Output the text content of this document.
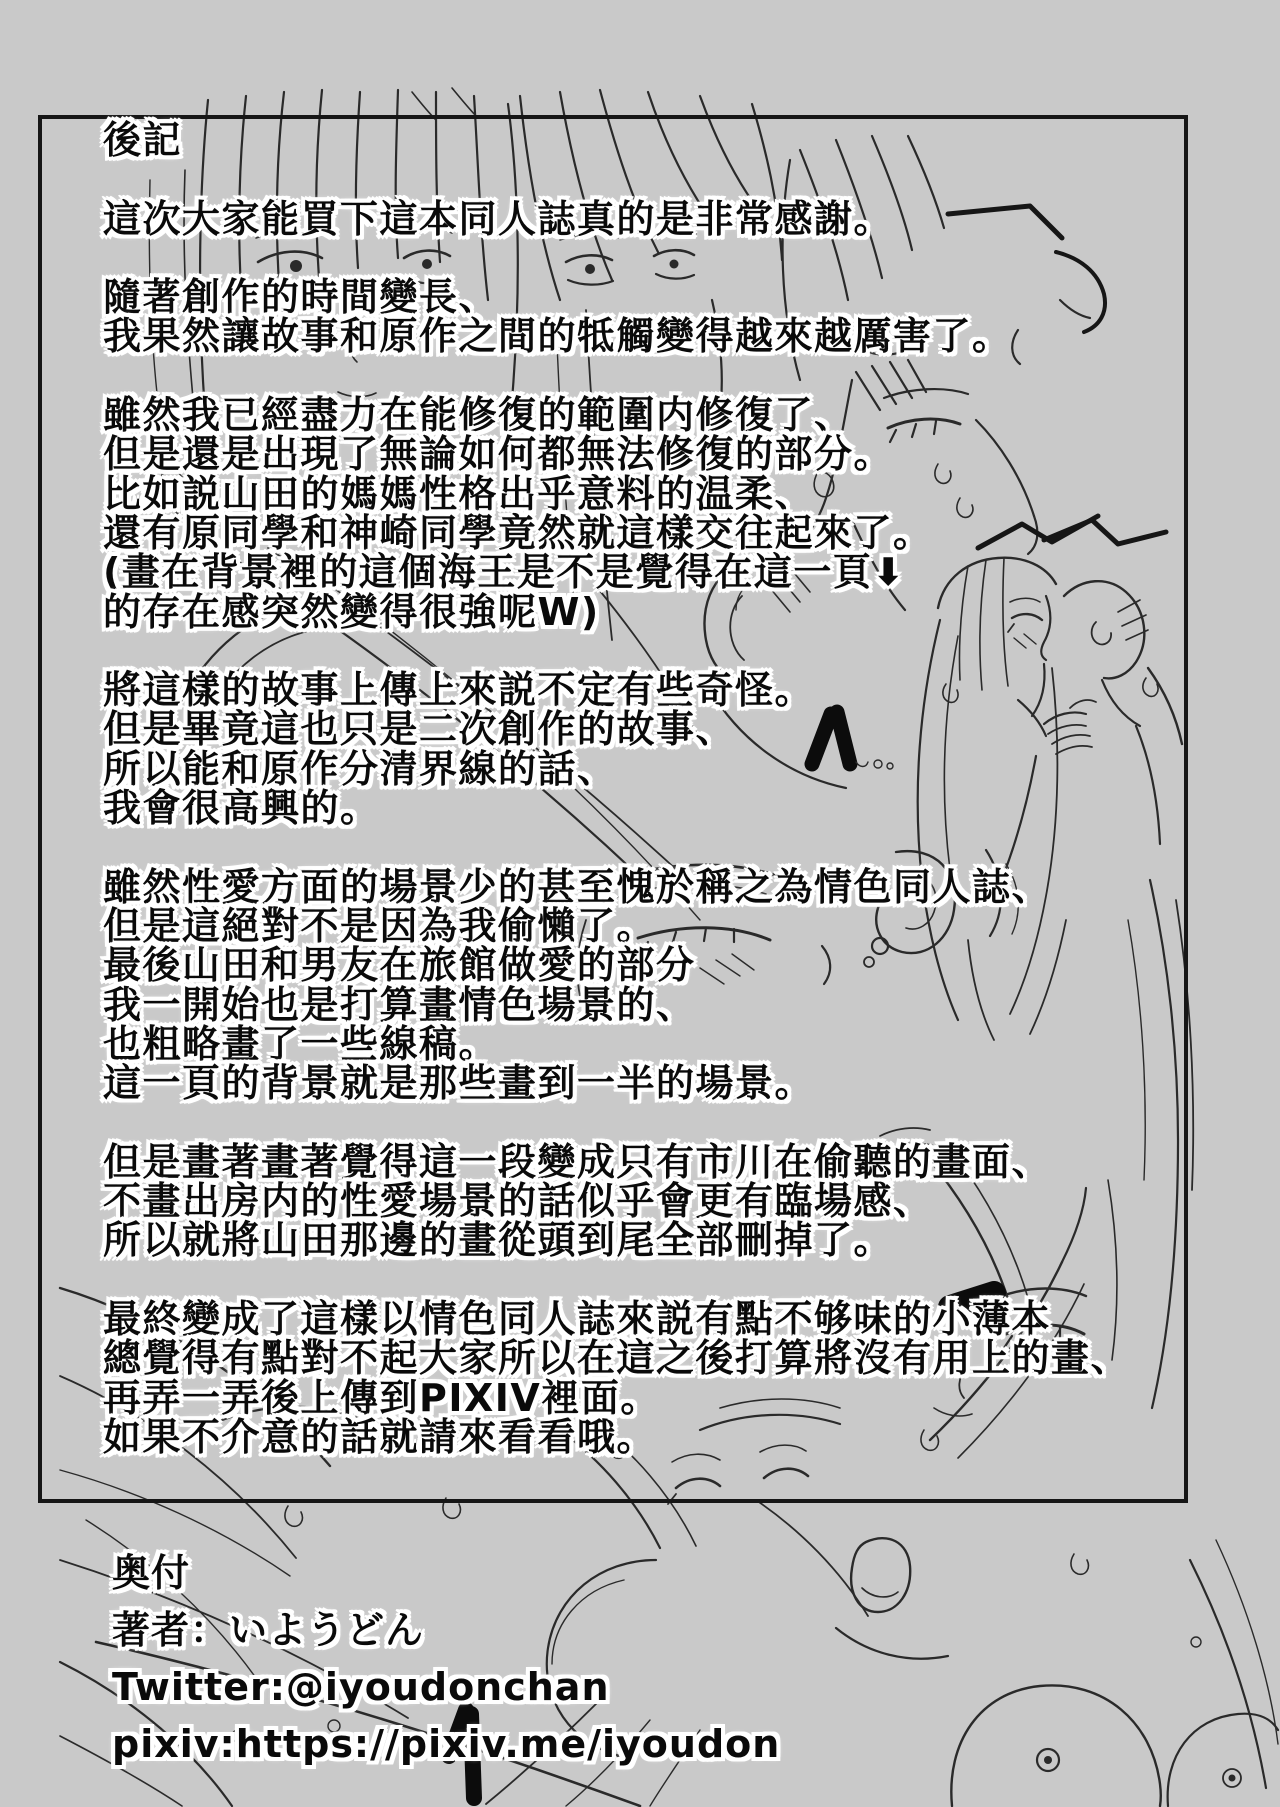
後記

這次大家能買下這本同人誌真的是非常感謝。

隨著創作的時間變長、
我果然讓故事和原作之間的牴觸變得越來越厲害了。

雖然我已經盡力在能修復的範圍内修復了、
但是還是出現了無論如何都無法修復的部分。
比如説山田的媽媽性格出乎意料的温柔、
還有原同學和神崎同學竟然就這樣交往起來了。
(畫在背景裡的這個海王是不是覺得在這一頁⬇
的存在感突然變得很強呢W)

將這樣的故事上傳上來説不定有些奇怪。
但是畢竟這也只是二次創作的故事、
所以能和原作分清界線的話、
我會很高興的。

雖然性愛方面的場景少的甚至愧於稱之為情色同人誌、
但是這絕對不是因為我偷懶了。
最後山田和男友在旅館做愛的部分
我一開始也是打算畫情色場景的、
也粗略畫了一些線稿。
這一頁的背景就是那些畫到一半的場景。

但是畫著畫著覺得這一段變成只有市川在偷聽的畫面、
不畫出房内的性愛場景的話似乎會更有臨場感、
所以就將山田那邊的畫從頭到尾全部刪掉了。

最終變成了這樣以情色同人誌來説有點不够味的小薄本
總覺得有點對不起大家所以在這之後打算將沒有用上的畫、
再弄一弄後上傳到PIXIV裡面。
如果不介意的話就請來看看哦。
奥付
著者：いようどん
Twitter:@iyoudonchan
pixiv:https://pixiv.me/iyoudon
